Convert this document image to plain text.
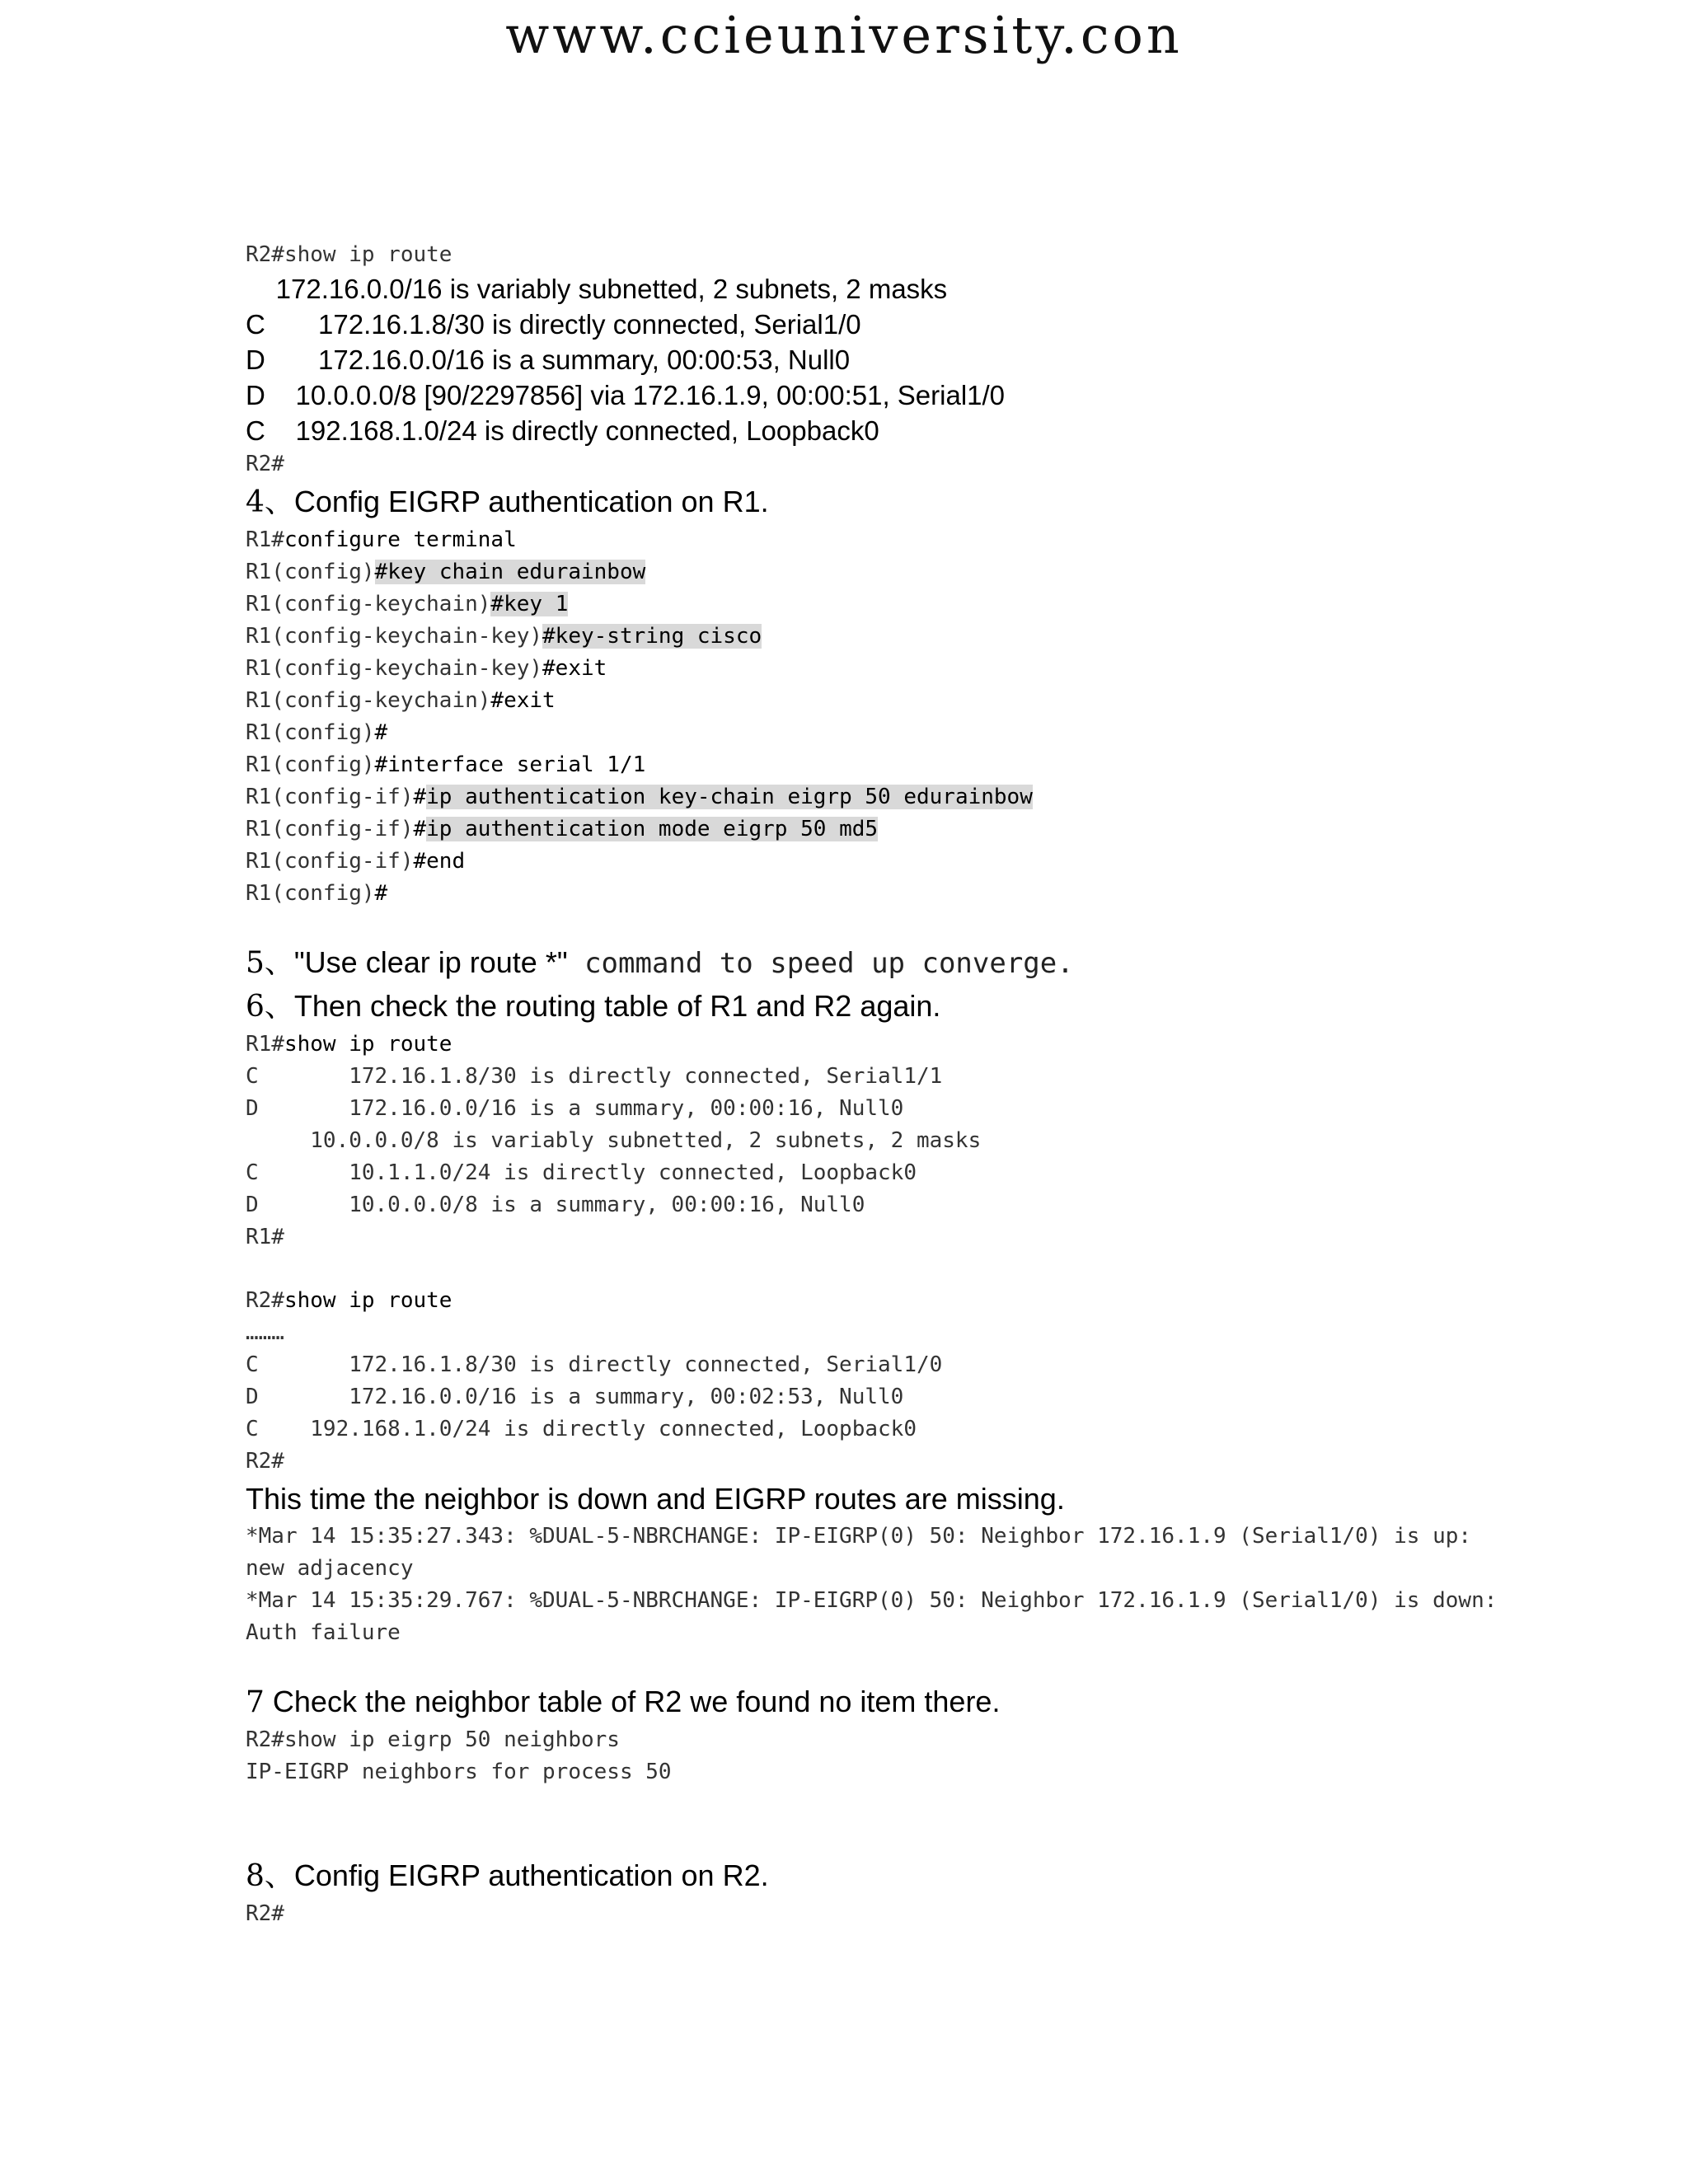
www.ccieuniversity.con
R2#show ip route
172.16.0.0/16 is variably subnetted, 2 subnets, 2 masks
C       172.16.1.8/30 is directly connected, Serial1/0
D       172.16.0.0/16 is a summary, 00:00:53, Null0
D    10.0.0.0/8 [90/2297856] via 172.16.1.9, 00:00:51, Serial1/0
C    192.168.1.0/24 is directly connected, Loopback0
R2#
4、Config EIGRP authentication on R1.
R1#configure terminal
R1(config)#key chain edurainbow
R1(config-keychain)#key 1
R1(config-keychain-key)#key-string cisco
R1(config-keychain-key)#exit
R1(config-keychain)#exit
R1(config)#
R1(config)#interface serial 1/1
R1(config-if)#ip authentication key-chain eigrp 50 edurainbow
R1(config-if)#ip authentication mode eigrp 50 md5
R1(config-if)#end
R1(config)#
5、"Use clear ip route *" command to speed up converge.
6、Then check the routing table of R1 and R2 again.
R1#show ip route
C       172.16.1.8/30 is directly connected, Serial1/1
D       172.16.0.0/16 is a summary, 00:00:16, Null0
10.0.0.0/8 is variably subnetted, 2 subnets, 2 masks
C       10.1.1.0/24 is directly connected, Loopback0
D       10.0.0.0/8 is a summary, 00:00:16, Null0
R1#
R2#show ip route
………
C       172.16.1.8/30 is directly connected, Serial1/0
D       172.16.0.0/16 is a summary, 00:02:53, Null0
C    192.168.1.0/24 is directly connected, Loopback0
R2#
This time the neighbor is down and EIGRP routes are missing.
*Mar 14 15:35:27.343: %DUAL-5-NBRCHANGE: IP-EIGRP(0) 50: Neighbor 172.16.1.9 (Serial1/0) is up:
new adjacency
*Mar 14 15:35:29.767: %DUAL-5-NBRCHANGE: IP-EIGRP(0) 50: Neighbor 172.16.1.9 (Serial1/0) is down:
Auth failure
7 Check the neighbor table of R2 we found no item there.
R2#show ip eigrp 50 neighbors
IP-EIGRP neighbors for process 50
8、Config EIGRP authentication on R2.
R2#
